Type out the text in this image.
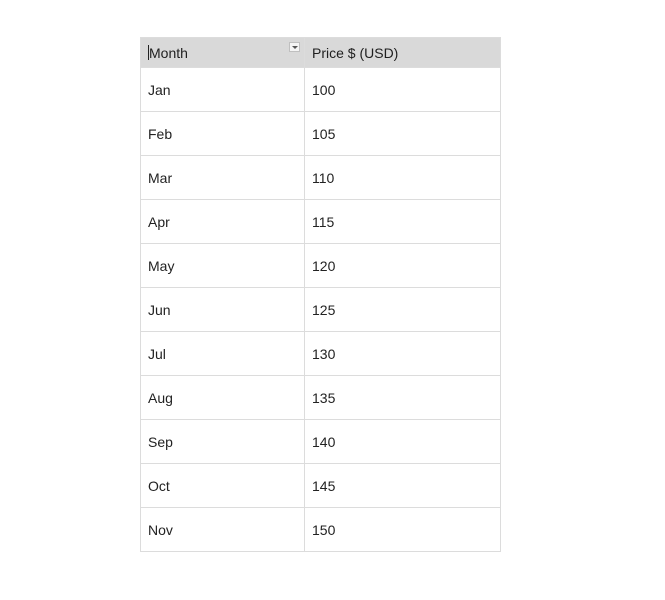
Month	Price $ (USD)
Jan	100
Feb	105
Mar	110
Apr	115
May	120
Jun	125
Jul	130
Aug	135
Sep	140
Oct	145
Nov	150
